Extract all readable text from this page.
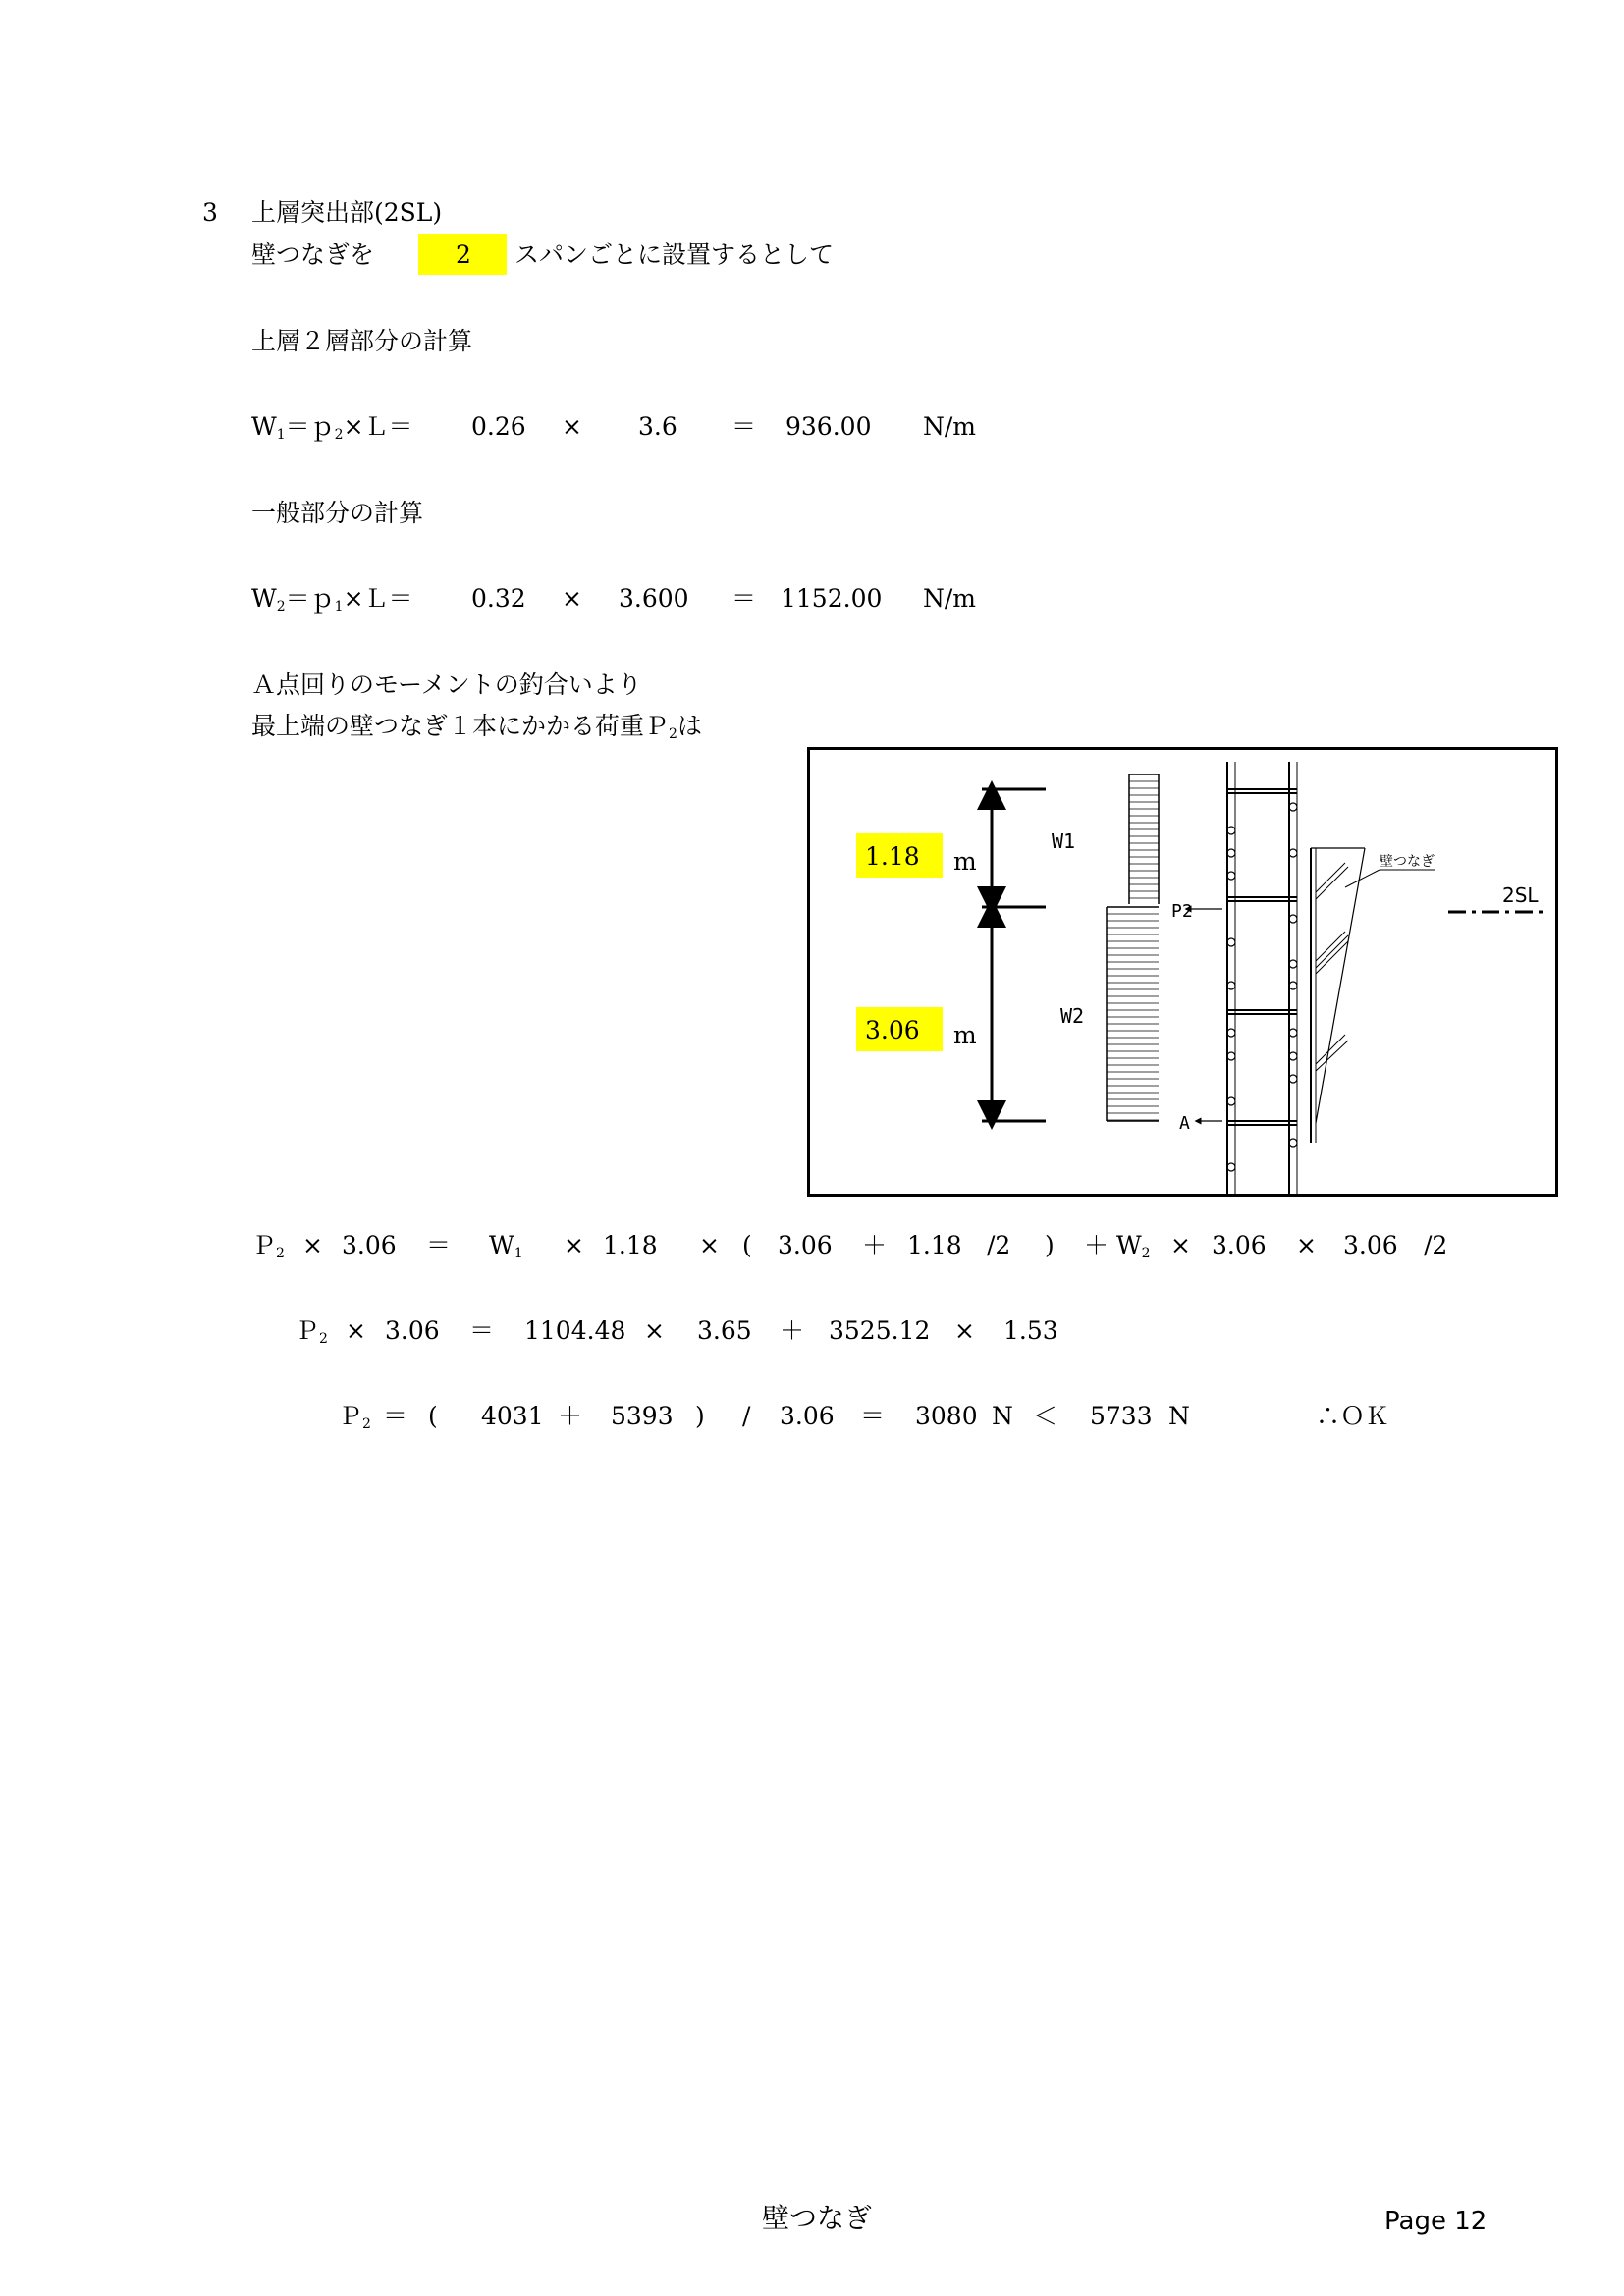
3 上層突出部(2SL)
壁つなぎを	2 スパンごとに設置するとして
上層２層部分の計算
$W_1=p_2\times L= 0.26 \times 3.6 = 936.00$ N/m
一般部分の計算
$W_2=p_1\times L= 0.32 \times 3.600 = 1152.00$ N/m
Ａ点回りのモーメントの釣合いより
最上端の壁つなぎ１本にかかる荷重Ｐ$_2$は
1.18 m
3.06 m
W1
W2
P2
A
壁つなぎ
2SL
Ｐ$_2$ × $3.06 = W_1 \times 1.18$ × ( 3.06 ＋ 1.18 /2 ) ＋ $W_2 \times 3.06 \times 3.06$ /2
Ｐ$_2$ × 3.06 ＝ 1104.48 × 3.65 ＋ 3525.12 × 1.53
Ｐ$_2$ ＝ ( 4031 ＋ 5393 ) / 3.06 ＝ 3080 N ＜ 5733 N	∴ＯＫ
壁つなぎ	Page 12
